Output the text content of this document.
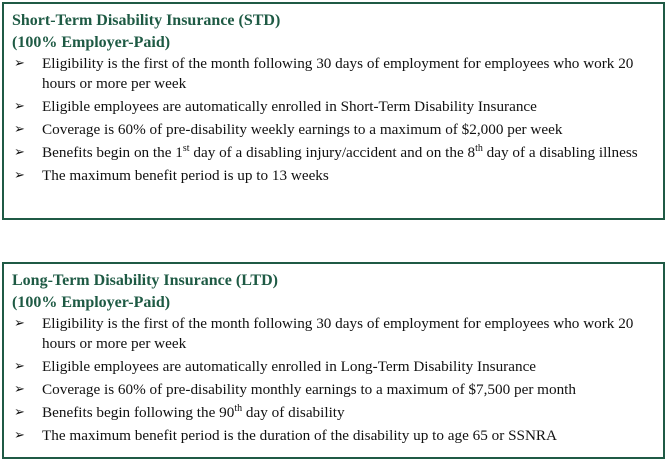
Short-Term Disability Insurance (STD)
(100% Employer-Paid)
➢ Eligibility is the first of the month following 30 days of employment for employees who work 20 hours or more per week
➢ Eligible employees are automatically enrolled in Short-Term Disability Insurance
➢ Coverage is 60% of pre-disability weekly earnings to a maximum of $2,000 per week
➢ Benefits begin on the 1st day of a disabling injury/accident and on the 8th day of a disabling illness
➢ The maximum benefit period is up to 13 weeks
Long-Term Disability Insurance (LTD)
(100% Employer-Paid)
➢ Eligibility is the first of the month following 30 days of employment for employees who work 20 hours or more per week
➢ Eligible employees are automatically enrolled in Long-Term Disability Insurance
➢ Coverage is 60% of pre-disability monthly earnings to a maximum of $7,500 per month
➢ Benefits begin following the 90th day of disability
➢ The maximum benefit period is the duration of the disability up to age 65 or SSNRA
